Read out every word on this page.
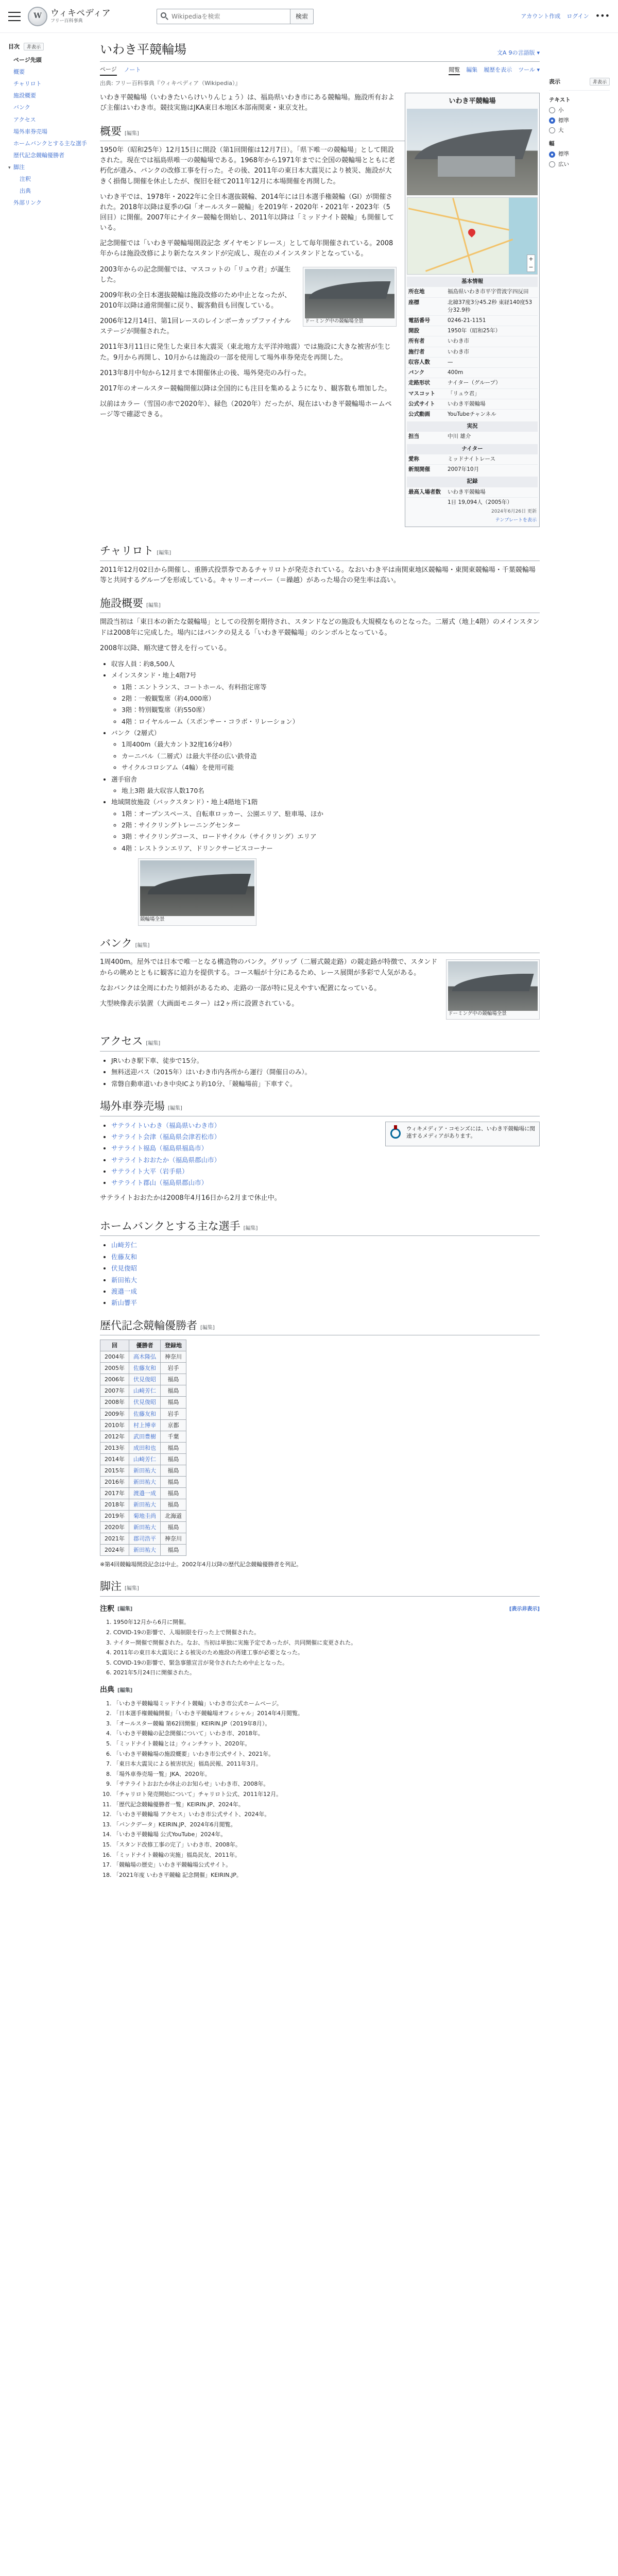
W	ウィキペディア
フリー百科事典
Wikipediaを検索
検索	アカウント作成 ログイン •••
目次	非表示
ページ先頭
概要
チャリロト
施設概要
バンク
アクセス
場外車券売場
ホームバンクとする主な選手
歴代記念競輪優勝者
▾ 脚注
注釈
出典
外部リンク
いわき平競輪場	文A 9の言語版 ▾
ページ ノート	閲覧 編集 履歴を表示 ツール ▾
出典: フリー百科事典『ウィキペディア（Wikipedia）』
いわき平競輪場
+
−
基本情報
所在地	福島県いわき市平字菅波字四反田
座標	北緯37度3分45.2秒 東経140度53分32.9秒
電話番号	0246-21-1151
開設	1950年（昭和25年）
所有者	いわき市
施行者	いわき市
収容人数	—
バンク	400m
走路形状	ナイター（グループ）
マスコット	「リュウ君」
公式サイト	いわき平競輪場
公式動画	YouTubeチャンネル
実況
担当	中川 雄介
ナイター
愛称	ミッドナイトレース
新規開催	2007年10月
記録
最高入場者数	いわき平競輪場
1日 19,094人（2005年）
2024年6月26日 更新
テンプレートを表示

いわき平競輪場（いわきたいらけいりんじょう）は、福島県いわき市にある競輪場。施設所有および主催はいわき市。競技実施はJKA東日本地区本部南関東・東京支社。

概要 [編集]

1950年（昭和25年）12月15日に開設（第1回開催は12月7日）。「県下唯一の競輪場」として開設された。現在では福島県唯一の競輪場である。1968年から1971年までに全国の競輪場とともに老朽化が進み、バンクの改修工事を行った。その後、2011年の東日本大震災により被災、施設が大きく損傷し開催を休止したが、復旧を経て2011年12月に本場開催を再開した。

いわき平では、1978年・2022年に全日本選抜競輪、2014年には日本選手権競輪（GI）が開催された。2018年以降は夏季のGI「オールスター競輪」を2019年・2020年・2021年・2023年（5回目）に開催。2007年にナイター競輪を開始し、2011年以降は「ミッドナイト競輪」も開催している。

記念開催では「いわき平競輪場開設記念 ダイヤモンドレース」として毎年開催されている。2008年からは施設改修により新たなスタンドが完成し、現在のメインスタンドとなっている。

ドーミング中の競輪場全景

2003年からの記念開催では、マスコットの「リュウ君」が誕生した。

2009年秋の全日本選抜競輪は施設改修のため中止となったが、2010年以降は通常開催に戻り、観客動員も回復している。

2006年12月14日、第1回レースのレインボーカップファイナルステージが開催された。

2011年3月11日に発生した東日本大震災（東北地方太平洋沖地震）では施設に大きな被害が生じた。9月から再開し、10月からは施設の一部を使用して場外車券発売を再開した。

2013年8月中旬から12月まで本開催休止の後、場外発売のみ行った。

2017年のオールスター競輪開催以降は全国的にも注目を集めるようになり、観客数も増加した。

以前はカラー（雪国の赤で2020年）、緑色（2020年）だったが、現在はいわき平競輪場ホームページ等で確認できる。

チャリロト [編集]

2011年12月02日から開催し、重勝式投票券であるチャリロトが発売されている。なおいわき平は南関東地区競輪場・東関東競輪場・千葉競輪場等と共同するグループを形成している。キャリーオーバー（＝繰越）があった場合の発生率は高い。

施設概要 [編集]

開設当初は「東日本の新たな競輪場」としての役割を期待され、スタンドなどの施設も大規模なものとなった。二層式（地上4階）のメインスタンドは2008年に完成した。場内にはバンクの見える「いわき平競輪場」のシンボルとなっている。

2008年以降、順次建て替えを行っている。

• 収容人員：約8,500人
• メインスタンド・地上4階7号
◦ 1階：エントランス、コートホール、有料指定席等
◦ 2階：一般観覧席（約4,000席）
◦ 3階：特別観覧席（約550席）
◦ 4階：ロイヤルルーム（スポンサー・コラボ・リレーション）
• バンク（2層式）
◦ 1周400m（最大カント32度16分4秒）
◦ カーニバル（二層式）は最大半径の広い鉄骨造
◦ サイクルコロシアム（4輪）を使用可能
• 選手宿舎
◦ 地上3階 最大収容人数170名
• 地域開放施設（バックスタンド）・地上4階地下1階
◦ 1階：オープンスペース、自転車ロッカー、公園エリア、駐車場、ほか
◦ 2階：サイクリングトレーニングセンター
◦ 3階：サイクリングコース、ロードサイクル（サイクリング）エリア
◦ 4階：レストランエリア、ドリンクサービスコーナー
競輪場全景
バンク [編集]
ドーミング中の競輪場全景

1周400m。屋外では日本で唯一となる構造物のバンク。グリップ（二層式競走路）の競走路が特徴で、スタンドからの眺めとともに観客に迫力を提供する。コース幅が十分にあるため、レース展開が多彩で人気がある。

なおバンクは全周にわたり傾斜があるため、走路の一部が特に見えやすい配置になっている。

大型映像表示装置（大画面モニター）は2ヶ所に設置されている。

アクセス [編集]
• JRいわき駅下車、徒歩で15分。
• 無料送迎バス（2015年）はいわき市内各所から運行（開催日のみ）。
• 常磐自動車道いわき中央ICより約10分、「競輪場前」下車すぐ。
場外車券売場 [編集]
ウィキメディア・コモンズには、いわき平競輪場に関連するメディアがあります。
• サテライトいわき（福島県いわき市）
• サテライト会津（福島県会津若松市）
• サテライト福島（福島県福島市）
• サテライトおおたか（福島県郡山市）
• サテライト大平（岩手県）
• サテライト郡山（福島県郡山市）

サテライトおおたかは2008年4月16日から2月まで休止中。

ホームバンクとする主な選手 [編集]
• 山崎芳仁
• 佐藤友和
• 伏見俊昭
• 新田祐大
• 渡邉一成
• 新山響平
歴代記念競輪優勝者 [編集]
回	優勝者	登録地
2004年	高木隆弘	神奈川
2005年	佐藤友和	岩手
2006年	伏見俊昭	福島
2007年	山崎芳仁	福島
2008年	伏見俊昭	福島
2009年	佐藤友和	岩手
2010年	村上博幸	京都
2012年	武田豊樹	千葉
2013年	成田和也	福島
2014年	山崎芳仁	福島
2015年	新田祐大	福島
2016年	新田祐大	福島
2017年	渡邉一成	福島
2018年	新田祐大	福島
2019年	菊地圭尚	北海道
2020年	新田祐大	福島
2021年	郡司浩平	神奈川
2024年	新田祐大	福島
※第4回競輪場開設記念は中止。2002年4月以降の歴代記念競輪優勝者を列記。
脚注 [編集]
注釈 [編集]	[表示非表示]
1. 1950年12月から6月に開催。
2. COVID-19の影響で、入場制限を行った上で開催された。
3. ナイター開催で開催された。なお、当初は単独に実施予定であったが、共同開催に変更された。
4. 2011年の東日本大震災による被災のため施設の再建工事が必要となった。
5. COVID-19の影響で、緊急事態宣言が発令されたため中止となった。
6. 2021年5月24日に開催された。
出典 [編集]
1. 「いわき平競輪場ミッドナイト競輪」いわき市公式ホームページ。
2. 「日本選手権競輪開催」「いわき平競輪場オフィシャル」2014年4月閲覧。
3. 「オールスター競輪 第62回開催」KEIRIN.JP（2019年8月）。
4. 「いわき平競輪の記念開催について」いわき市、2018年。
5. 「ミッドナイト競輪とは」ウィンチケット、2020年。
6. 「いわき平競輪場の施設概要」いわき市公式サイト、2021年。
7. 「東日本大震災による被害状況」福島民報、2011年3月。
8. 「場外車券売場一覧」JKA、2020年。
9. 「サテライトおおたか休止のお知らせ」いわき市、2008年。
10. 「チャリロト発売開始について」チャリロト公式、2011年12月。
11. 「歴代記念競輪優勝者一覧」KEIRIN.JP、2024年。
12. 「いわき平競輪場 アクセス」いわき市公式サイト、2024年。
13. 「バンクデータ」KEIRIN.JP、2024年6月閲覧。
14. 「いわき平競輪場 公式YouTube」2024年。
15. 「スタンド改修工事の完了」いわき市、2008年。
16. 「ミッドナイト競輪の実施」福島民友、2011年。
17. 「競輪場の歴史」いわき平競輪場公式サイト。
18. 「2021年度 いわき平競輪 記念開催」KEIRIN.JP。
表示	非表示
テキスト
小
標準
大
幅
標準
広い
